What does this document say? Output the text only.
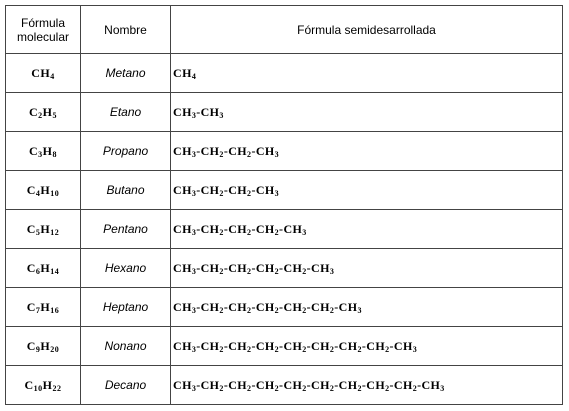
Fórmula
molecular	Nombre	Fórmula semidesarrollada
$CH_4$	Metano	$CH_4$
$C_2H_5$	Etano	$CH_3-CH_3$
$C_3H_8$	Propano	$CH_3-CH_2-CH_2-CH_3$
$C_4H_{10}$	Butano	$CH_3-CH_2-CH_2-CH_3$
$C_5H_{12}$	Pentano	$CH_3-CH_2-CH_2-CH_2-CH_3$
$C_6H_{14}$	Hexano	$CH_3-CH_2-CH_2-CH_2-CH_2-CH_3$
$C_7H_{16}$	Heptano	$CH_3-CH_2-CH_2-CH_2-CH_2-CH_2-CH_3$
$C_9H_{20}$	Nonano	$CH_3-CH_2-CH_2-CH_2-CH_2-CH_2-CH_2-CH_2-CH_3$
$C_{10}H_{22}$	Decano	$CH_3-CH_2-CH_2-CH_2-CH_2-CH_2-CH_2-CH_2-CH_2-CH_3$
